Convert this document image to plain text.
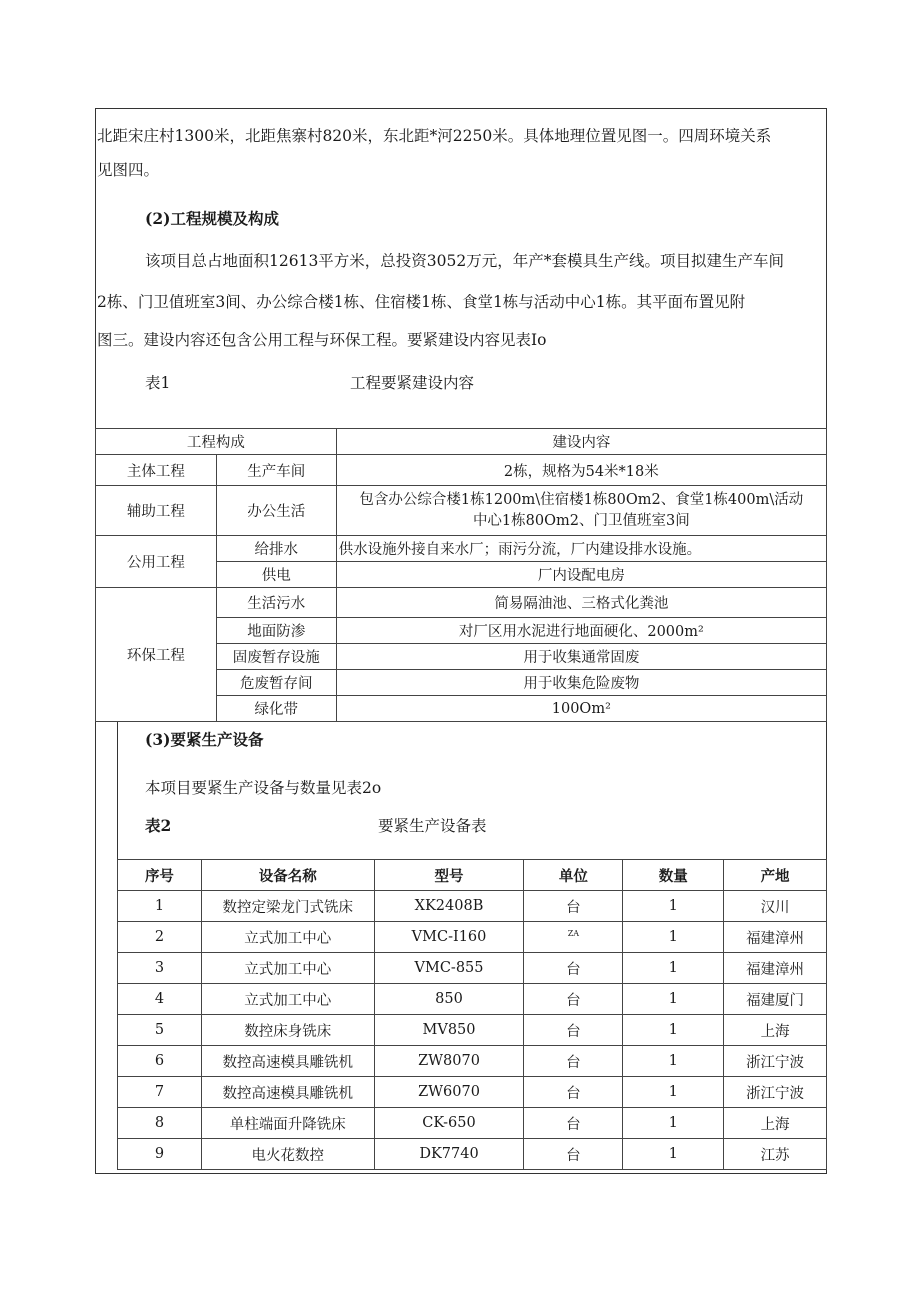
北距宋庄村1300米，北距焦寨村820米，东北距*河2250米。具体地理位置见图一。四周环境关系
见图四。
(2)工程规模及构成
该项目总占地面积12613平方米，总投资3052万元，年产*套模具生产线。项目拟建生产车间
2栋、门卫值班室3间、办公综合楼1栋、住宿楼1栋、食堂1栋与活动中心1栋。其平面布置见附
图三。建设内容还包含公用工程与环保工程。要紧建设内容见表Io
表1	工程要紧建设内容
工程构成		建设内容
主体工程	生产车间	2栋，规格为54米*18米
辅助工程	办公生活	包含办公综合楼1栋1200m\住宿楼1栋80Om2、食堂1栋400m\活动
中心1栋80Om2、门卫值班室3间

公用工程	给排水	供水设施外接自来水厂；雨污分流，厂内建设排水设施。
	供电	厂内设配电房
环保工程	生活污水	简易隔油池、三格式化粪池
	地面防渗	对厂区用水泥进行地面硬化、2000m²
	固废暂存设施	用于收集通常固废
	危废暂存间	用于收集危险废物
	绿化带	100Om²
(3)要紧生产设备
本项目要紧生产设备与数量见表2o
表2	要紧生产设备表
序号	设备名称	型号	单位	数量	产地
1	数控定梁龙门式铣床	XK2408B	台	1	汉川
2	立式加工中心	VMC-I160	$^{ZA}$	1	福建漳州
3	立式加工中心	VMC-855	台	1	福建漳州
4	立式加工中心	850	台	1	福建厦门
5	数控床身铣床	MV850	台	1	上海
6	数控高速模具雕铣机	ZW8070	台	1	浙江宁波
7	数控高速模具雕铣机	ZW6070	台	1	浙江宁波
8	单柱端面升降铣床	CK-650	台	1	上海
9	电火花数控	DK7740	台	1	江苏
